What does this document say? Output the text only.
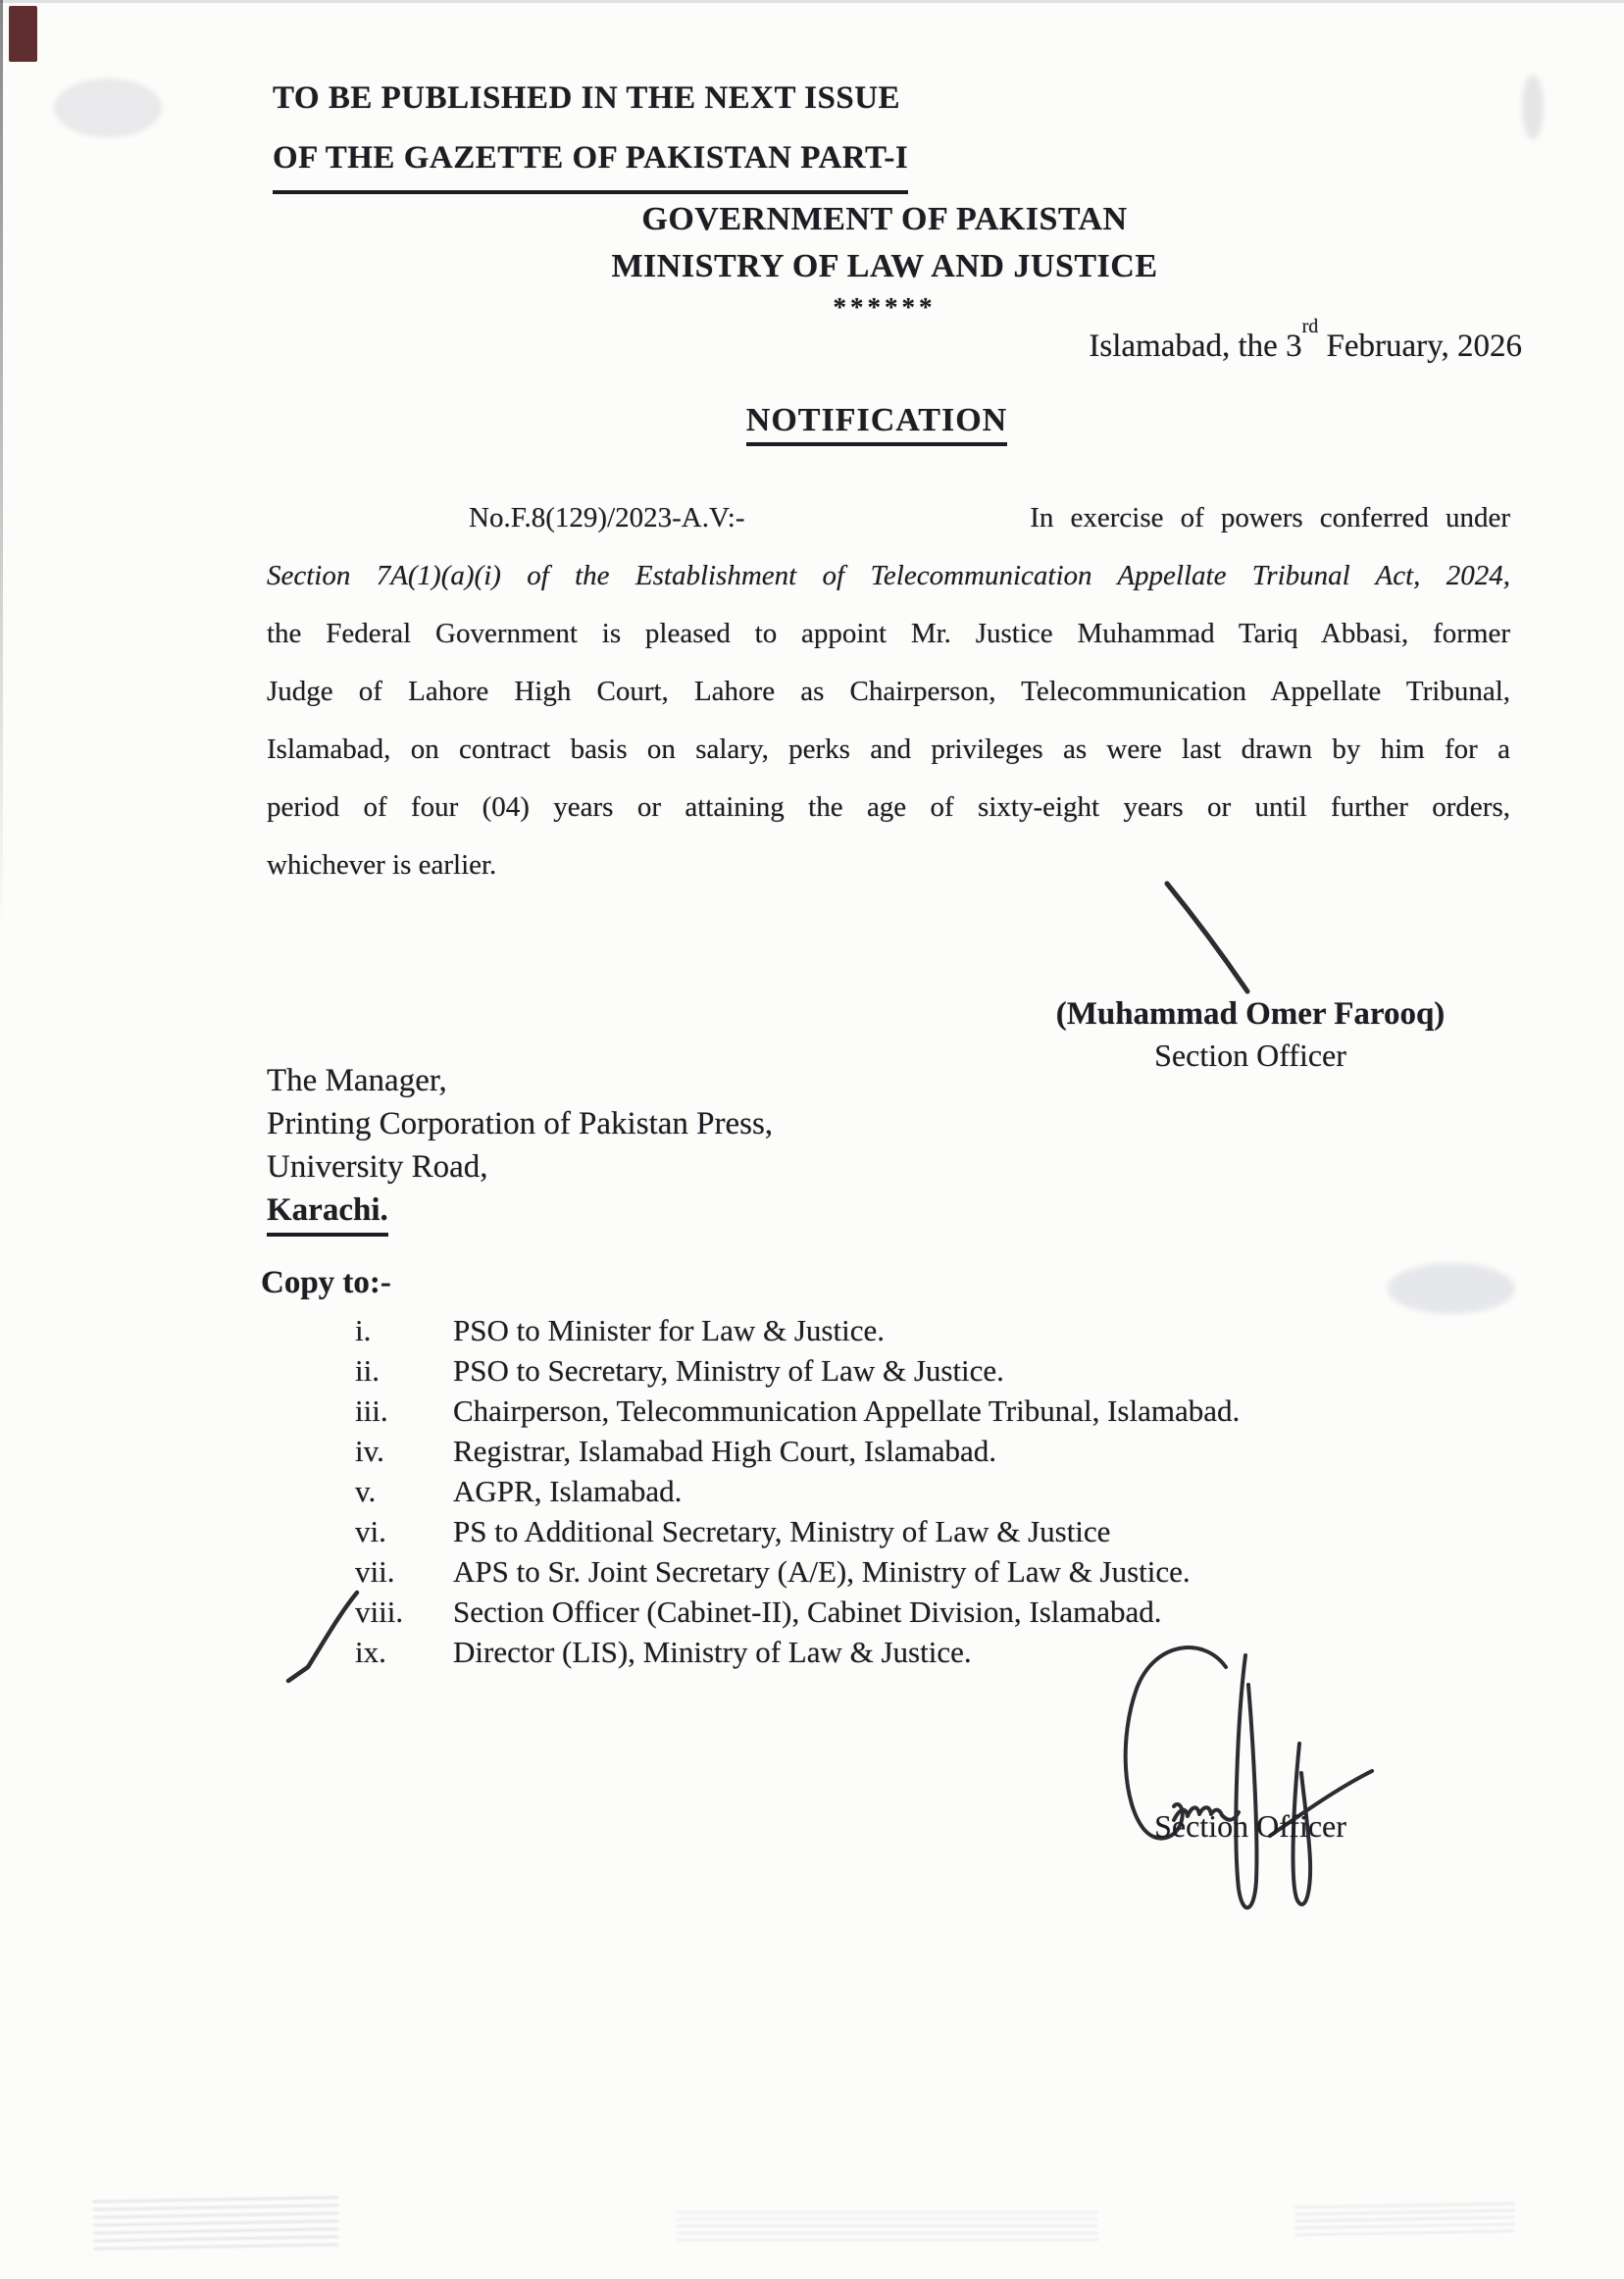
TO BE PUBLISHED IN THE NEXT ISSUE
OF THE GAZETTE OF PAKISTAN PART-I
GOVERNMENT OF PAKISTAN
MINISTRY OF LAW AND JUSTICE
******
Islamabad, the 3rd February, 2026
NOTIFICATION
No.F.8(129)/2023-A.V:-	In exercise of powers conferred under
Section 7A(1)(a)(i) of the Establishment of Telecommunication Appellate Tribunal Act, 2024,
the Federal Government is pleased to appoint Mr. Justice Muhammad Tariq Abbasi, former
Judge of Lahore High Court, Lahore as Chairperson, Telecommunication Appellate Tribunal,
Islamabad, on contract basis on salary, perks and privileges as were last drawn by him for a
period of four (04) years or attaining the age of sixty-eight years or until further orders,
whichever is earlier.
(Muhammad Omer Farooq)
Section Officer
The Manager,
Printing Corporation of Pakistan Press,
University Road,
Karachi.
Copy to:-
i.	PSO to Minister for Law & Justice.
ii.	PSO to Secretary, Ministry of Law & Justice.
iii.	Chairperson, Telecommunication Appellate Tribunal, Islamabad.
iv.	Registrar, Islamabad High Court, Islamabad.
v.	AGPR, Islamabad.
vi.	PS to Additional Secretary, Ministry of Law & Justice
vii.	APS to Sr. Joint Secretary (A/E), Ministry of Law & Justice.
viii.	Section Officer (Cabinet-II), Cabinet Division, Islamabad.
ix.	Director (LIS), Ministry of Law & Justice.
Section Officer
